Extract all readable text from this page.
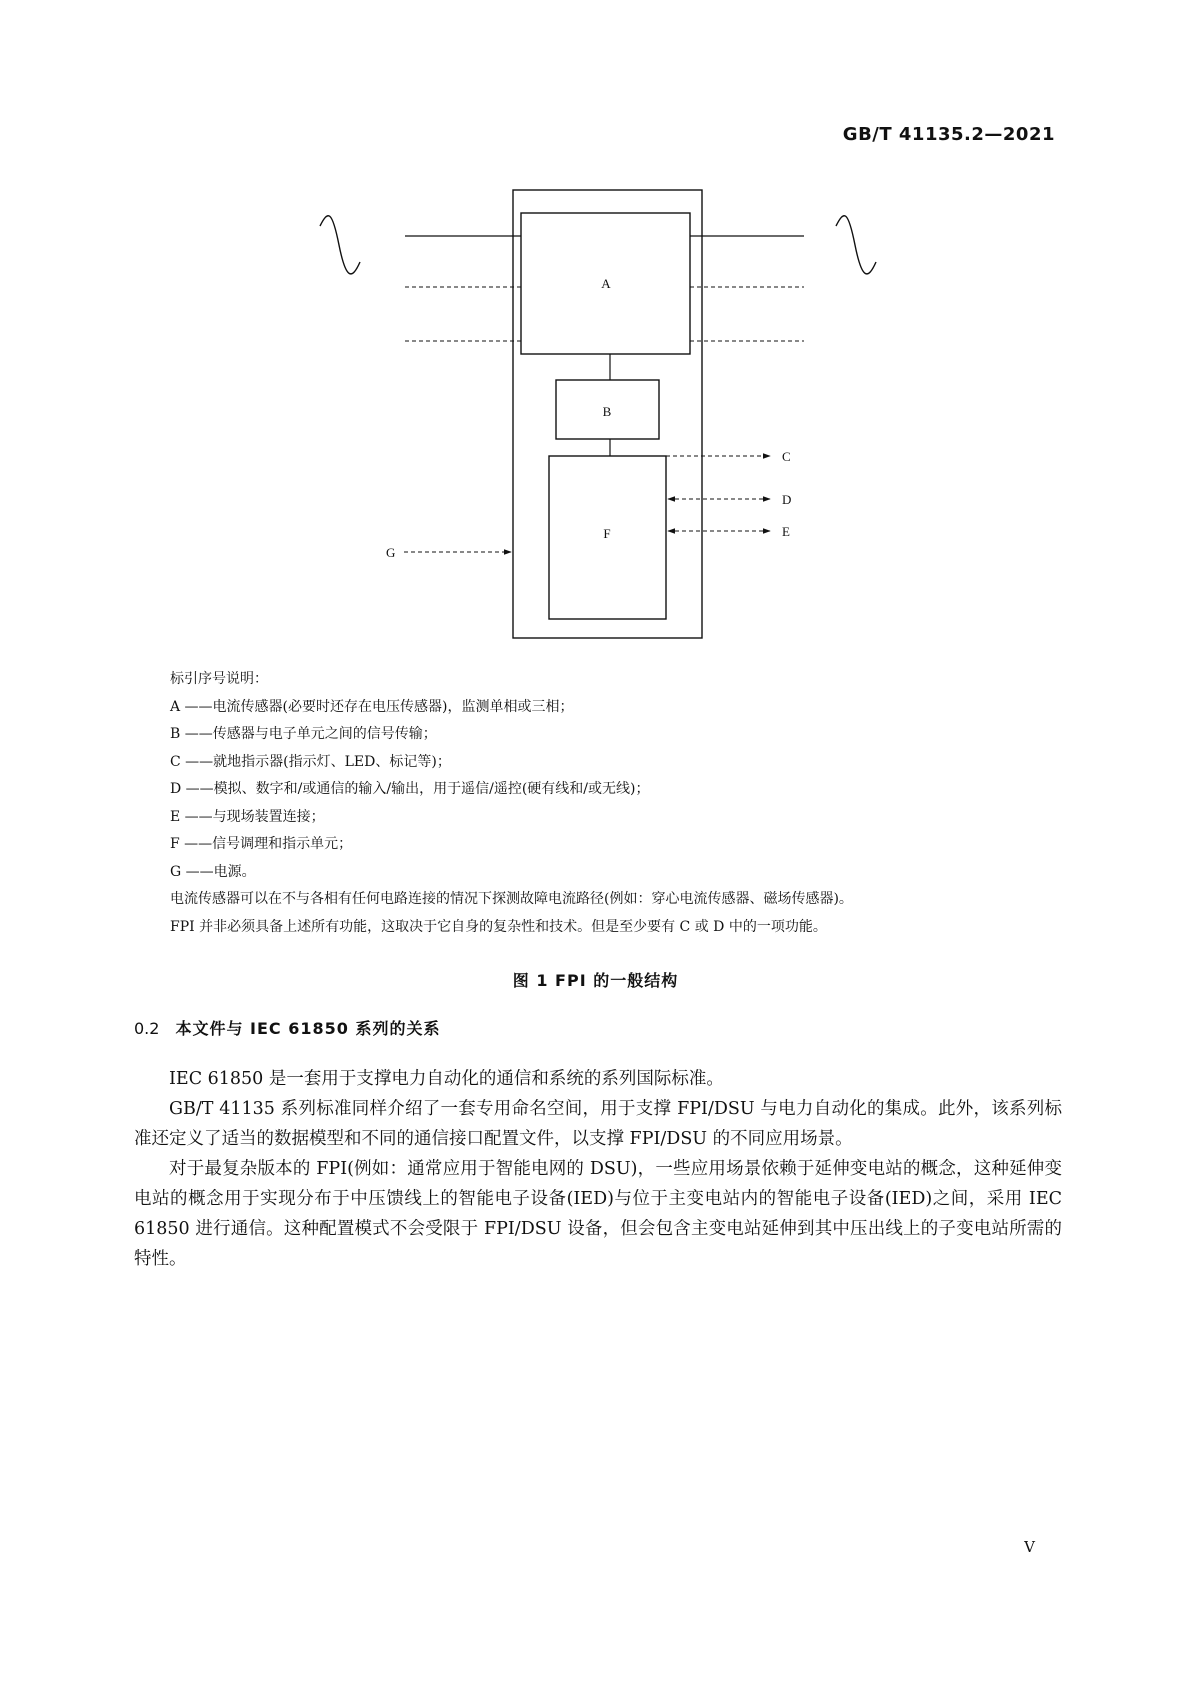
GB/T 41135.2—2021
A
B
F
C
D
E
G
标引序号说明：
A ——电流传感器(必要时还存在电压传感器)，监测单相或三相；
B ——传感器与电子单元之间的信号传输；
C ——就地指示器(指示灯、LED、标记等)；
D ——模拟、数字和/或通信的输入/输出，用于遥信/遥控(硬有线和/或无线)；
E ——与现场装置连接；
F ——信号调理和指示单元；
G ——电源。
电流传感器可以在不与各相有任何电路连接的情况下探测故障电流路径(例如：穿心电流传感器、磁场传感器)。
FPI 并非必须具备上述所有功能，这取决于它自身的复杂性和技术。但是至少要有 C 或 D 中的一项功能。
图 1 FPI 的一般结构
0.2 本文件与 IEC 61850 系列的关系

IEC 61850 是一套用于支撑电力自动化的通信和系统的系列国际标准。

GB/T 41135 系列标准同样介绍了一套专用命名空间，用于支撑 FPI/DSU 与电力自动化的集成。此外，该系列标准还定义了适当的数据模型和不同的通信接口配置文件，以支撑 FPI/DSU 的不同应用场景。

对于最复杂版本的 FPI(例如：通常应用于智能电网的 DSU)，一些应用场景依赖于延伸变电站的概念，这种延伸变电站的概念用于实现分布于中压馈线上的智能电子设备(IED)与位于主变电站内的智能电子设备(IED)之间，采用 IEC 61850 进行通信。这种配置模式不会受限于 FPI/DSU 设备，但会包含主变电站延伸到其中压出线上的子变电站所需的特性。

V
